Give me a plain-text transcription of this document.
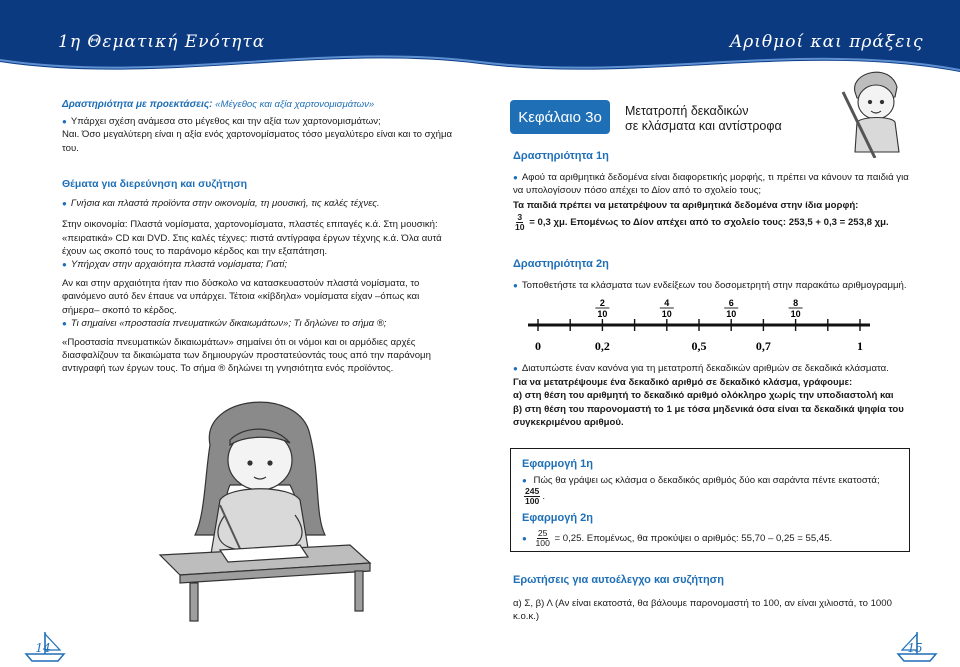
1η Θεματική Ενότητα	Αριθμοί και πράξεις

Δραστηριότητα με προεκτάσεις: «Μέγεθος και αξία χαρτονομισμάτων»

● Υπάρχει σχέση ανάμεσα στο μέγεθος και την αξία των χαρτονομισμάτων;

Ναι. Όσο μεγαλύτερη είναι η αξία ενός χαρτονομίσματος τόσο μεγαλύτερο είναι και το σχήμα του.

Θέματα για διερεύνηση και συζήτηση

● Γνήσια και πλαστά προϊόντα στην οικονομία, τη μουσική, τις καλές τέχνες.

Στην οικονομία: Πλαστά νομίσματα, χαρτονομίσματα, πλαστές επιταγές κ.ά. Στη μουσική: «πειρατικά» CD και DVD. Στις καλές τέχνες: πιστά αντίγραφα έργων τέχνης κ.ά. Όλα αυτά έχουν ως σκοπό τους το παράνομο κέρδος και την εξαπάτηση.

● Υπήρχαν στην αρχαιότητα πλαστά νομίσματα; Γιατί;

Αν και στην αρχαιότητα ήταν πιο δύσκολο να κατασκευαστούν πλαστά νομίσματα, το φαινόμενο αυτό δεν έπαυε να υπάρχει. Τέτοια «κίβδηλα» νομίσματα είχαν –όπως και σήμερα– σκοπό το κέρδος.

● Τι σημαίνει «προστασία πνευματικών δικαιωμάτων»; Τι δηλώνει το σήμα ®;

«Προστασία πνευματικών δικαιωμάτων» σημαίνει ότι οι νόμοι και οι αρμόδιες αρχές διασφαλίζουν τα δικαιώματα των δημιουργών προστατεύοντάς τους από την παράνομη αντιγραφή των έργων τους. Το σήμα ® δηλώνει τη γνησιότητα ενός προϊόντος.

14
Κεφάλαιο 3ο	Μετατροπή δεκαδικών

σε κλάσματα και αντίστροφα

Δραστηριότητα 1η

● Αφού τα αριθμητικά δεδομένα είναι διαφορετικής μορφής, τι πρέπει να κάνουν τα παιδιά για να υπολογίσουν πόσο απέχει το Δίον από το σχολείο τους;

Τα παιδιά πρέπει να μετατρέψουν τα αριθμητικά δεδομένα στην ίδια μορφή:

$\frac{3}{10} = 0,3$ χμ. Επομένως το Δίον απέχει από το σχολείο τους: 253,5 + 0,3 = 253,8 χμ.

Δραστηριότητα 2η

● Τοποθετήστε τα κλάσματα των ενδείξεων του δοσομετρητή στην παρακάτω αριθμογραμμή.

2
10
4
10
6
10
8
10
0	0,2	0,5	0,7	1

● Διατυπώστε έναν κανόνα για τη μετατροπή δεκαδικών αριθμών σε δεκαδικά κλάσματα.

Για να μετατρέψουμε ένα δεκαδικό αριθμό σε δεκαδικό κλάσμα, γράφουμε:

α) στη θέση του αριθμητή το δεκαδικό αριθμό ολόκληρο χωρίς την υποδιαστολή και

β) στη θέση του παρονομαστή το 1 με τόσα μηδενικά όσα είναι τα δεκαδικά ψηφία του συγκεκριμένου αριθμού.

Εφαρμογή 1η

● Πώς θα γράψει ως κλάσμα ο δεκαδικός αριθμός δύο και σαράντα πέντε εκατοστά;
$\frac{245}{100}$ .

Εφαρμογή 2η

● $\frac{25}{100} = 0,25$. Επομένως, θα προκύψει ο αριθμός: 55,70 – 0,25 = 55,45.

Ερωτήσεις για αυτοέλεγχο και συζήτηση

α) Σ, β) Λ (Αν είναι εκατοστά, θα βάλουμε παρονομαστή το 100, αν είναι χιλιοστά, το 1000 κ.ο.κ.)

15
